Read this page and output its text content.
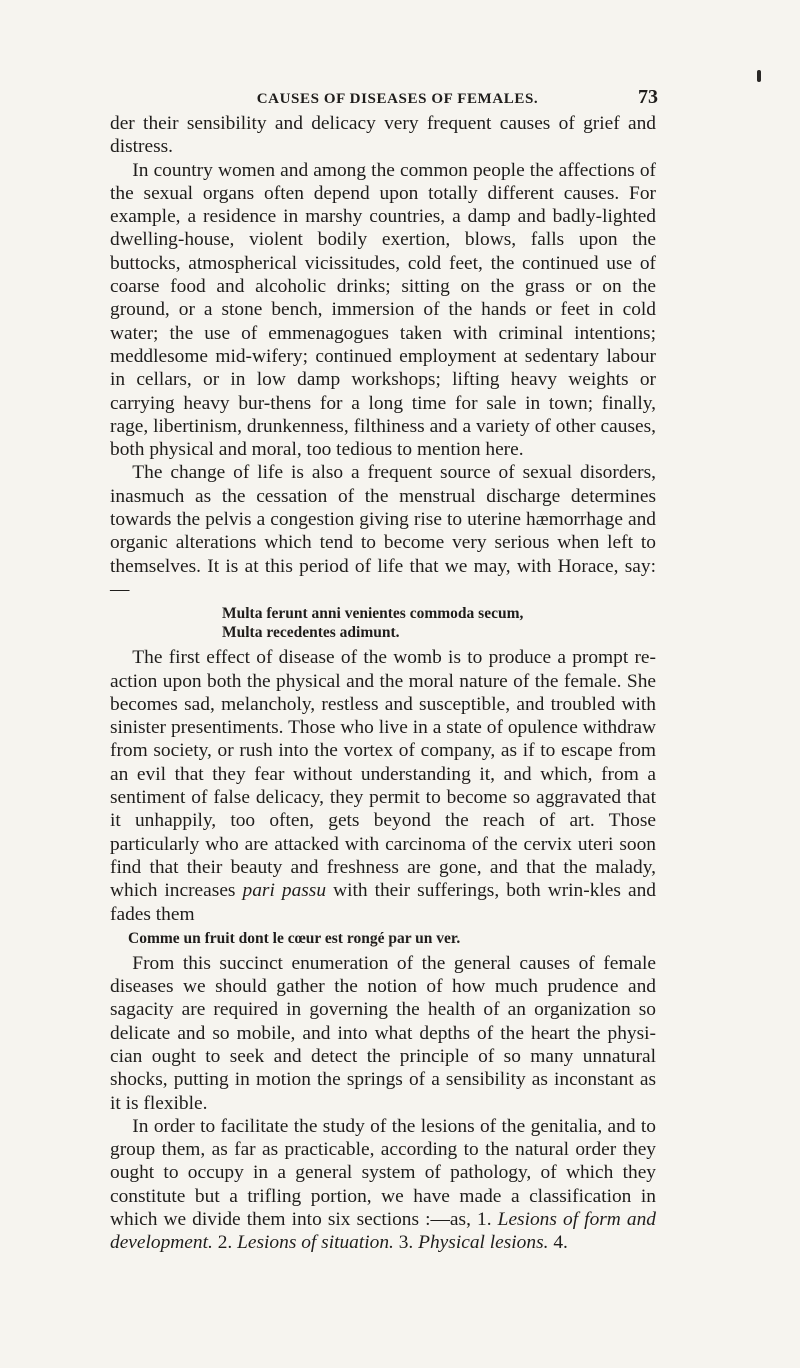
CAUSES OF DISEASES OF FEMALES.	73

der their sensibility and delicacy very frequent causes of grief and distress.

In country women and among the common people the affections of the sexual organs often depend upon totally different causes. For example, a residence in marshy countries, a damp and badly-lighted dwelling-house, violent bodily exertion, blows, falls upon the buttocks, atmospherical vicissitudes, cold feet, the continued use of coarse food and alcoholic drinks; sitting on the grass or on the ground, or a stone bench, immersion of the hands or feet in cold water; the use of emmenagogues taken with criminal intentions; meddlesome mid-wifery; continued employment at sedentary labour in cellars, or in low damp workshops; lifting heavy weights or carrying heavy bur-thens for a long time for sale in town; finally, rage, libertinism, drunkenness, filthiness and a variety of other causes, both physical and moral, too tedious to mention here.

The change of life is also a frequent source of sexual disorders, inasmuch as the cessation of the menstrual discharge determines towards the pelvis a congestion giving rise to uterine hæmorrhage and organic alterations which tend to become very serious when left to themselves. It is at this period of life that we may, with Horace, say:—

Multa ferunt anni venientes commoda secum,
Multa recedentes adimunt.

The first effect of disease of the womb is to produce a prompt re-action upon both the physical and the moral nature of the female. She becomes sad, melancholy, restless and susceptible, and troubled with sinister presentiments. Those who live in a state of opulence withdraw from society, or rush into the vortex of company, as if to escape from an evil that they fear without understanding it, and which, from a sentiment of false delicacy, they permit to become so aggravated that it unhappily, too often, gets beyond the reach of art. Those particularly who are attacked with carcinoma of the cervix uteri soon find that their beauty and freshness are gone, and that the malady, which increases pari passu with their sufferings, both wrin-kles and fades them

Comme un fruit dont le cœur est rongé par un ver.

From this succinct enumeration of the general causes of female diseases we should gather the notion of how much prudence and sagacity are required in governing the health of an organization so delicate and so mobile, and into what depths of the heart the physi-cian ought to seek and detect the principle of so many unnatural shocks, putting in motion the springs of a sensibility as inconstant as it is flexible.

In order to facilitate the study of the lesions of the genitalia, and to group them, as far as practicable, according to the natural order they ought to occupy in a general system of pathology, of which they constitute but a trifling portion, we have made a classification in which we divide them into six sections :—as, 1. Lesions of form and development. 2. Lesions of situation. 3. Physical lesions. 4.
